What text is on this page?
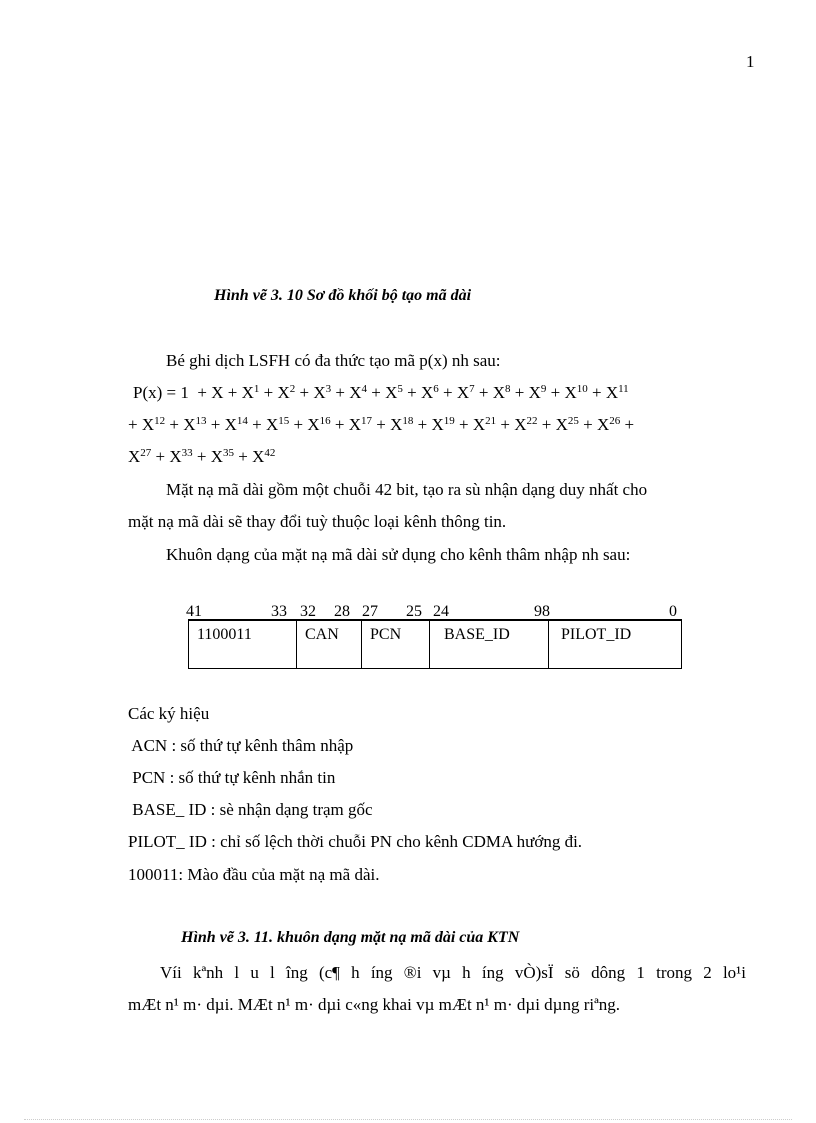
1
Hình vẽ 3. 10 Sơ đồ khối bộ tạo mã dài
Bé ghi dịch LSFH có đa thức tạo mã p(x) nh sau:
$P(x) = 1 + X + X^1 + X^2 + X^3 + X^4 + X^5 + X^6 + X^7 + X^8 + X^9 + X^{10} + X^{11}$
+ $X^{12} + X^{13} + X^{14} + X^{15} + X^{16} + X^{17} + X^{18} + X^{19} + X^{21} + X^{22} + X^{25} + X^{26}$ +
$X^{27} + X^{33} + X^{35} + X^{42}$
Mặt nạ mã dài gồm một chuỗi 42 bit, tạo ra sù nhận dạng duy nhất cho
mặt nạ mã dài sẽ thay đổi tuỳ thuộc loại kênh thông tin.
Khuôn dạng của mặt nạ mã dài sử dụng cho kênh thâm nhập nh sau:
41	33 32 28 27 25 24	98	0
1100011	CAN	PCN	BASE_ID	PILOT_ID
Các ký hiệu
ACN : số thứ tự kênh thâm nhập
PCN : số thứ tự kênh nhắn tin
BASE_ ID : sè nhận dạng trạm gốc
PILOT_ ID : chỉ số lệch thời chuỗi PN cho kênh CDMA hướng đi.
100011: Mào đầu của mặt nạ mã dài.
Hình vẽ 3. 11. khuôn dạng mặt nạ mã dài của KTN
Víi kªnh l u l îng (c¶ h íng ®i vµ h íng vÒ)sÏ sö dông 1 trong 2 lo¹i
mÆt n¹ m· dµi. MÆt n¹ m· dµi c«ng khai vµ mÆt n¹ m· dµi dµng riªng.
